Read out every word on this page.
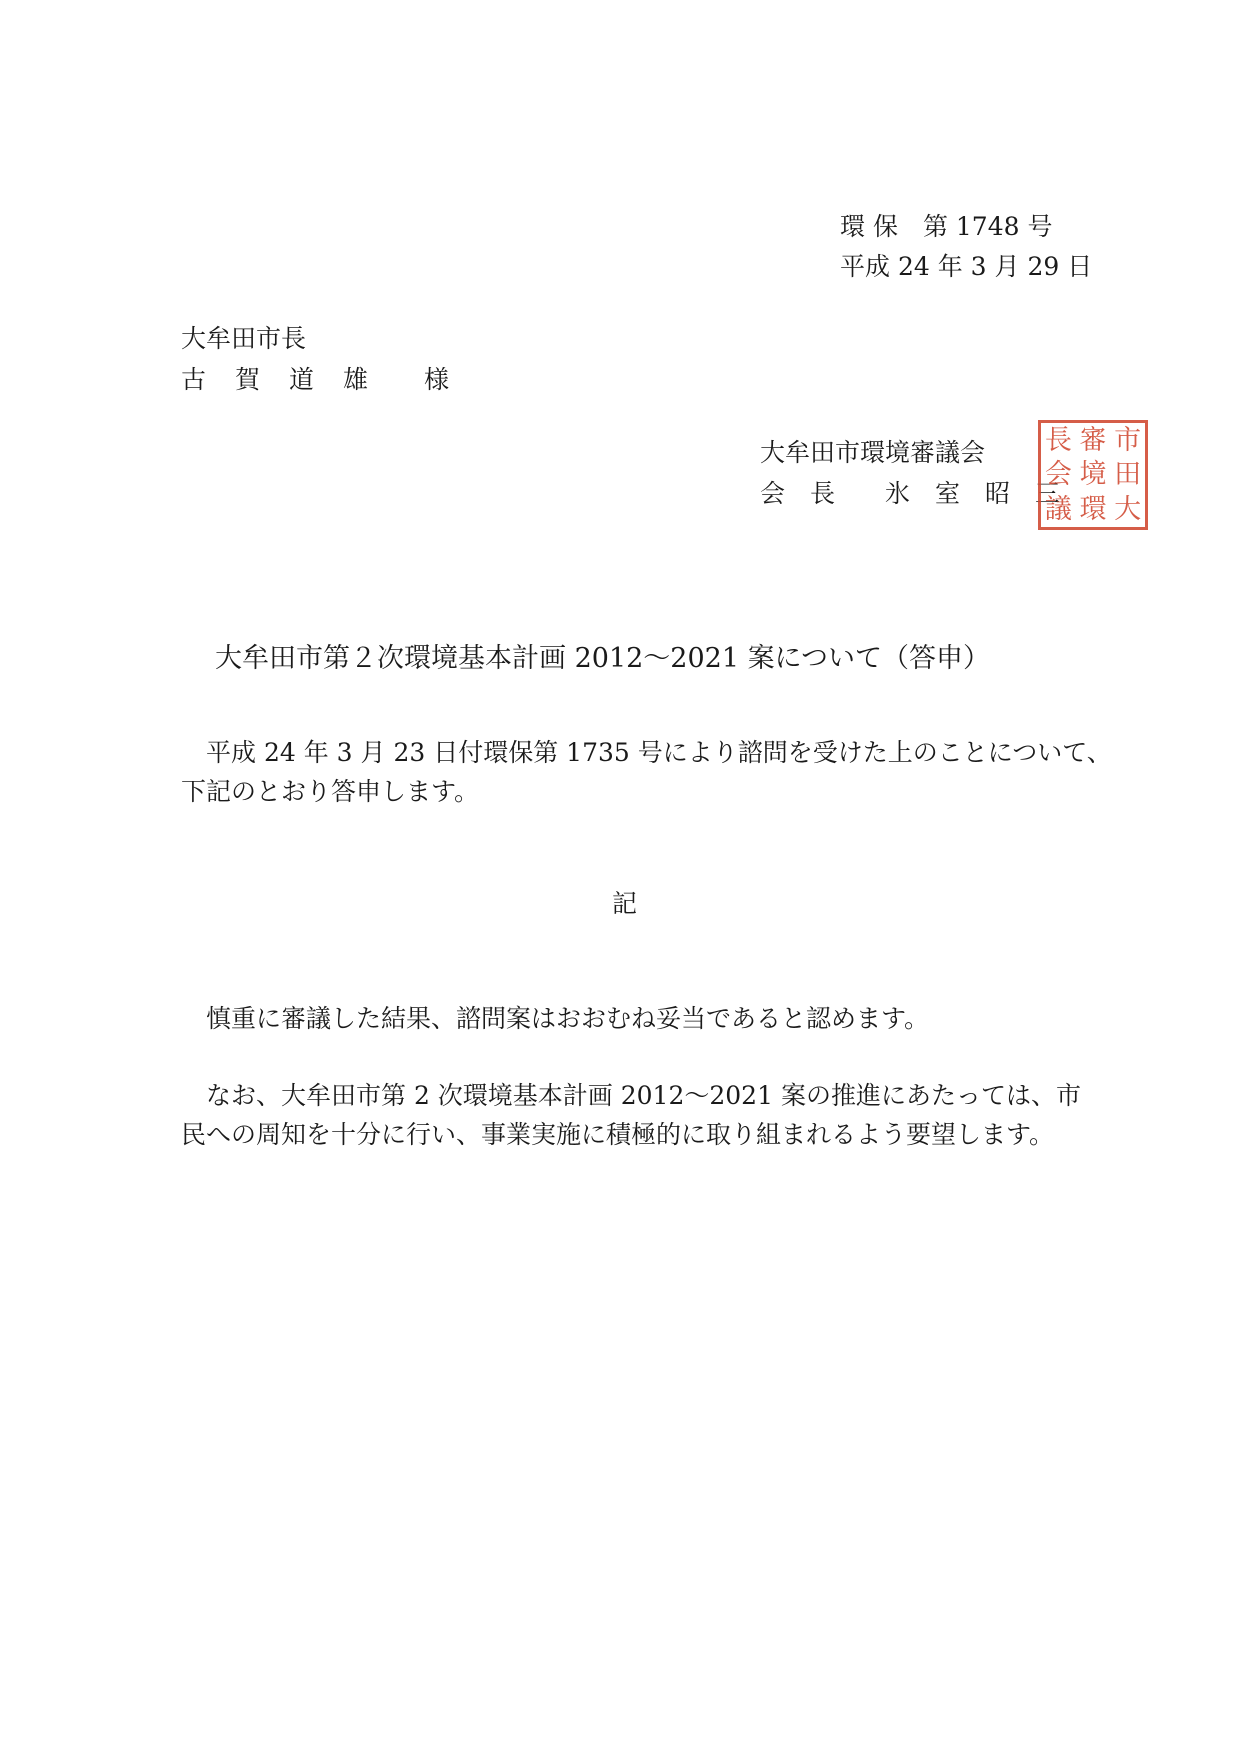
環 保　第 1748 号
平成 24 年 3 月 29 日
大牟田市長
古　賀　道　雄　　様
大牟田市環境審議会
会　長　　氷　室　昭　三
市
審
長
田
境
会
大
環
議
大牟田市第２次環境基本計画 2012～2021 案について（答申）
平成 24 年 3 月 23 日付環保第 1735 号により諮問を受けた上のことについて、
下記のとおり答申します。
記
慎重に審議した結果、諮問案はおおむね妥当であると認めます。
なお、大牟田市第 2 次環境基本計画 2012～2021 案の推進にあたっては、市
民への周知を十分に行い、事業実施に積極的に取り組まれるよう要望します。
